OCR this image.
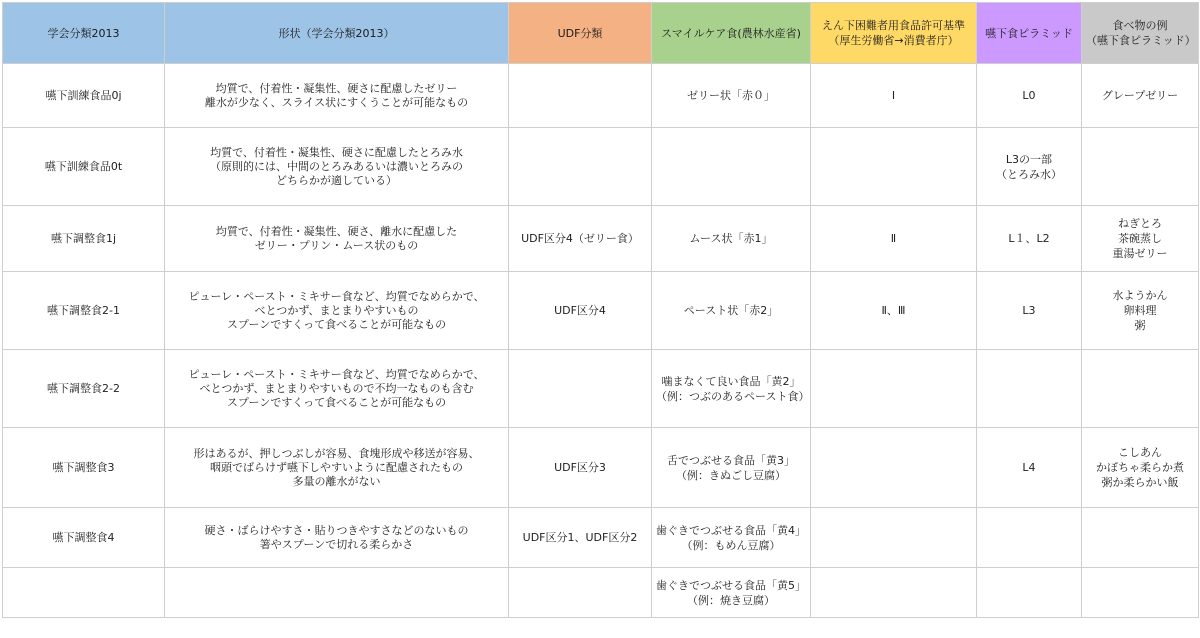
学会分類2013	形状（学会分類2013）	UDF分類	スマイルケア食(農林水産省)	えん下困難者用食品許可基準
（厚生労働省→消費者庁）	嚥下食ピラミッド	食べ物の例
（嚥下食ピラミッド）

嚥下訓練食品0j	均質で、付着性・凝集性、硬さに配慮したゼリー
離水が少なく、スライス状にすくうことが可能なもの		ゼリー状「赤０」	Ⅰ	L0	グレープゼリー

嚥下訓練食品0t	均質で、付着性・凝集性、硬さに配慮したとろみ水
（原則的には、中間のとろみあるいは濃いとろみの
どちらかが適している）				L3の一部
（とろみ水）	

嚥下調整食1j	均質で、付着性・凝集性、硬さ、離水に配慮した
ゼリー・プリン・ムース状のもの	UDF区分4（ゼリー食）	ムース状「赤1」	Ⅱ	L１、L2	ねぎとろ
茶碗蒸し
重湯ゼリー

嚥下調整食2-1	ピューレ・ペースト・ミキサー食など、均質でなめらかで、
べとつかず、まとまりやすいもの
スプーンですくって食べることが可能なもの	UDF区分4	ペースト状「赤2」	Ⅱ、Ⅲ	L3	水ようかん
卵料理
粥

嚥下調整食2-2	ピューレ・ペースト・ミキサー食など、均質でなめらかで、
べとつかず、まとまりやすいもので不均一なものも含む
スプーンですくって食べることが可能なもの		噛まなくて良い食品「黄2」
（例：つぶのあるペースト食）			

嚥下調整食3	形はあるが、押しつぶしが容易、食塊形成や移送が容易、
咽頭でばらけず嚥下しやすいように配慮されたもの
多量の離水がない	UDF区分3	舌でつぶせる食品「黄3」
（例：きぬごし豆腐）		L4	こしあん
かぼちゃ柔らか煮
粥か柔らかい飯

嚥下調整食4	硬さ・ばらけやすさ・貼りつきやすさなどのないもの
箸やスプーンで切れる柔らかさ	UDF区分1、UDF区分2	歯ぐきでつぶせる食品「黄4」
（例：もめん豆腐）			

			歯ぐきでつぶせる食品「黄5」
（例：焼き豆腐）			
